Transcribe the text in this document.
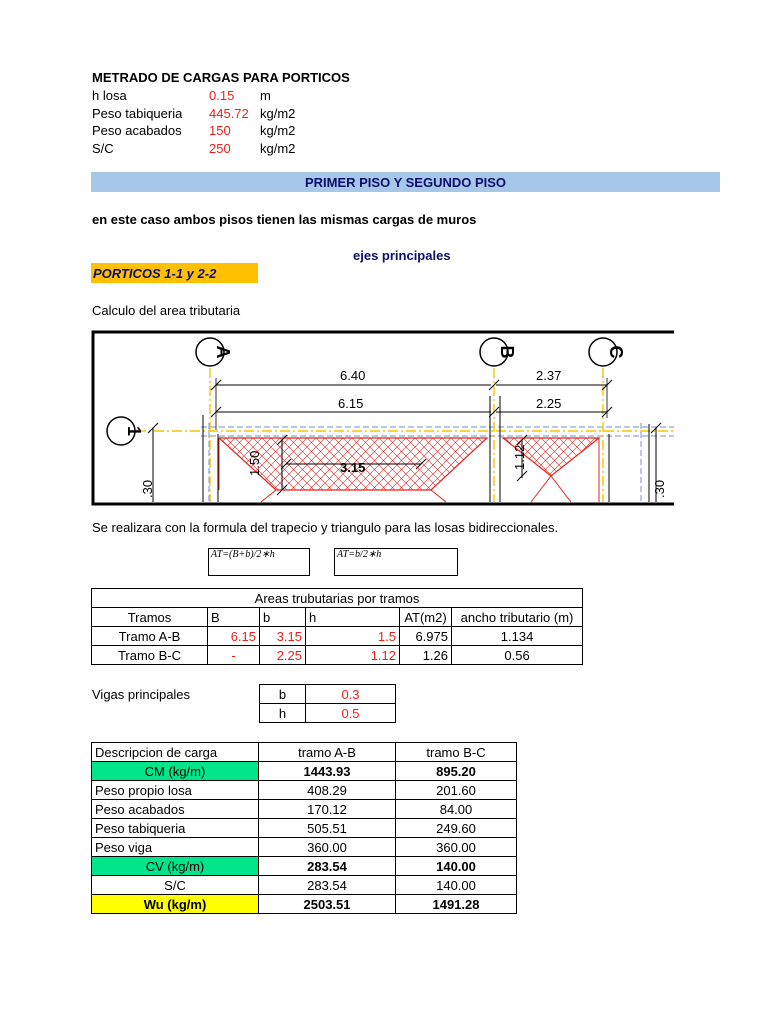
METRADO DE CARGAS PARA PORTICOS
h losa	0.15 m
Peso tabiqueria 445.72 kg/m2
Peso acabados 150 kg/m2
S/C	250 kg/m2
PRIMER PISO Y SEGUNDO PISO
en este caso ambos pisos tienen las mismas cargas de muros
ejes principales
PORTICOS 1-1 y 2-2
Calculo del area tributaria
A	B	C
1
6.40	2.37
6.15	2.25
3.15
1.50	1.12
.30	.30
Se realizara con la formula del trapecio y triangulo para las losas bidireccionales.
AT=(B+b)/2∗h	AT=b/2∗h
Areas trubutarias por tramos					
Tramos	B	b	h	AT(m2)	ancho tributario (m)
Tramo A-B	6.15	3.15	1.5	6.975	1.134
Tramo B-C	-	2.25	1.12	1.26	0.56
Vigas principales	b	0.3
h	0.5
Descripcion de carga	tramo A-B	tramo B-C
CM (kg/m)	1443.93	895.20
Peso propio losa	408.29	201.60
Peso acabados	170.12	84.00
Peso tabiqueria	505.51	249.60
Peso viga	360.00	360.00
CV (kg/m)	283.54	140.00
S/C	283.54	140.00
Wu (kg/m)	2503.51	1491.28
